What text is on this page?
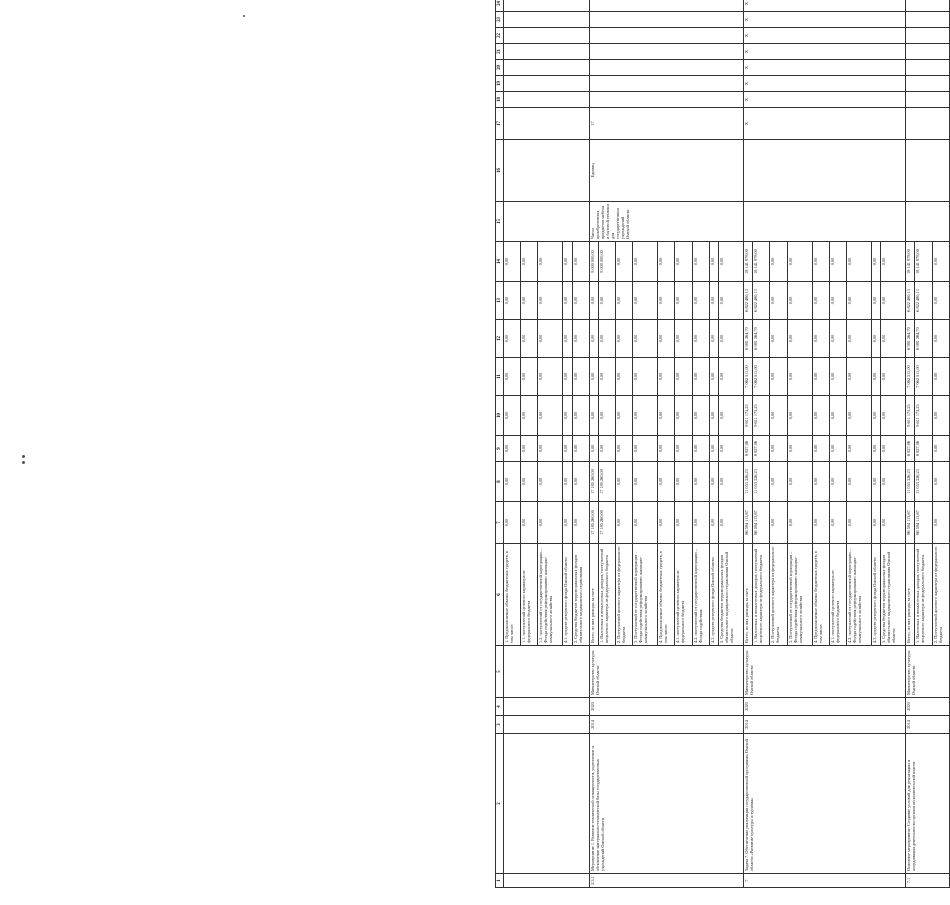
1	2	3	4	5	6	7	8	9	10	11	12	13	14	15	16	17	18	19	20	21	22	23	24	
					1. Предполагаемые объемы бюджетных средств, в том числе:	0,00	0,00	0,00	0,00	0,00	0,00	0,00	0,00											

					1.1. поступлений целевого характера из федерального бюджета	0,00	0,00	0,00	0,00	0,00	0,00	0,00	0,00											

					1.2. поступлений от государственной корпорации – Фонда содействия реформированию жилищно-коммунального хозяйства	0,00	0,00	0,00	0,00	0,00	0,00	0,00	0,00											

					4.1. средств резервного фонда Омской области	0,00	0,00	0,00	0,00	0,00	0,00	0,00	0,00											

					2. Средства бюджетов территориальных фондов обязательного медицинского страхования	0,00	0,00	0,00	0,00	0,00	0,00	0,00	0,00											

2.5.1	Мероприятие 1. Развитие технической оснащенности, укрепление и обновление материально-технической базы государственных учреждений Омской области	2014	2020	Министерство культуры Омской области	Всего, из них расходы за счет:	17 185 260,00	17 185 260,00	0,00	0,00	0,00	0,00	0,00	9 000 000,00	Число приобретенных предметов мебели и бытовой техники для государственных учреждений Омской области	Единиц	17								
					1. Налоговых и неналоговых доходов, поступлений нецелевого характера из федерального бюджета	17 185 260,00	17 185 260,00	0,00	0,00	0,00	0,00	0,00	9 000 000,00											

					2. Поступлений целевого характера из федерального бюджета	0,00	0,00	0,00	0,00	0,00	0,00	0,00	0,00											

					3. Поступлений от государственной корпорации – Фонда содействия реформированию жилищно-коммунального хозяйства	0,00	0,00	0,00	0,00	0,00	0,00	0,00	0,00											

					4. Предполагаемые объемы бюджетных средств, в том числе:	0,00	0,00	0,00	0,00	0,00	0,00	0,00	0,00											

					4.1. поступлений целевого характера из федерального бюджета	0,00	0,00	0,00	0,00	0,00	0,00	0,00	0,00											

					4.2. поступлений от государственной корпорации – Фонда содействия	0,00	0,00	0,00	0,00	0,00	0,00	0,00	0,00											

					4.3. средств резервного фонда Омской области	0,00	0,00	0,00	0,00	0,00	0,00	0,00	0,00											

					5. Средства бюджетов территориальных фондов обязательного медицинского страхования Омской области	0,00	0,00	0,00	0,00	0,00	0,00	0,00	0,00											

7	Задача 7. Обеспечение реализации государственной программы Омской области «Развитие культуры и туризма»	2014	2020	Министерство культуры Омской области	Всего, из них расходы за счет:	86 594 113,67	11 053 326,23	8 827,06	9 611 175,25	7 062 511,00	6 981 264,70	6 822 480,13	18 141 978,00			X	X	X	X	X	X	X	X	
					1. Налоговых и неналоговых доходов, поступлений нецелевого характера из федерального бюджета	86 594 113,67	11 053 326,23	8 827,06	9 611 175,25	7 062 511,00	6 981 264,70	6 822 480,13	18 141 978,00											

					2. Поступлений целевого характера из федерального бюджета	0,00	0,00	0,00	0,00	0,00	0,00	0,00	0,00											

					3. Поступлений от государственной корпорации – Фонда содействия реформированию жилищно-коммунального хозяйства	0,00	0,00	0,00	0,00	0,00	0,00	0,00	0,00											

					4. Предполагаемые объемы бюджетных средств, в том числе:	0,00	0,00	0,00	0,00	0,00	0,00	0,00	0,00											

					4.1. поступлений целевого характера из федерального бюджета	0,00	0,00	0,00	0,00	0,00	0,00	0,00	0,00											

					4.2. поступлений от государственной корпорации – Фонда содействия реформированию жилищно-коммунального хозяйства	0,00	0,00	0,00	0,00	0,00	0,00	0,00	0,00											

					4.3. средств резервного фонда Омской области	0,00	0,00	0,00	0,00	0,00	0,00	0,00	0,00											

					5. Средства бюджетов территориальных фондов обязательного медицинского страхования Омской области	0,00	0,00	0,00	0,00	0,00	0,00	0,00	0,00											

7.1	Основное мероприятие: Создание условий для реализации и координации деятельности органов исполнительной власти	2014	2020	Министерство культуры Омской области	Всего, из них расходы за счет:	86 594 113,67	11 053 326,23	8 827,06	9 611 175,25	7 062 511,00	6 981 264,70	6 822 480,13	18 141 978,00											

					1. Налоговых и неналоговых доходов, поступлений нецелевого характера из федерального бюджета	86 594 113,67	11 053 326,23	8 827,06	9 611 175,25	7 062 511,00	6 981 264,70	6 822 480,13	18 141 978,00											

					2. Поступлений целевого характера из федерального бюджета	0,00	0,00	0,00	0,00	0,00	0,00	0,00	0,00											
